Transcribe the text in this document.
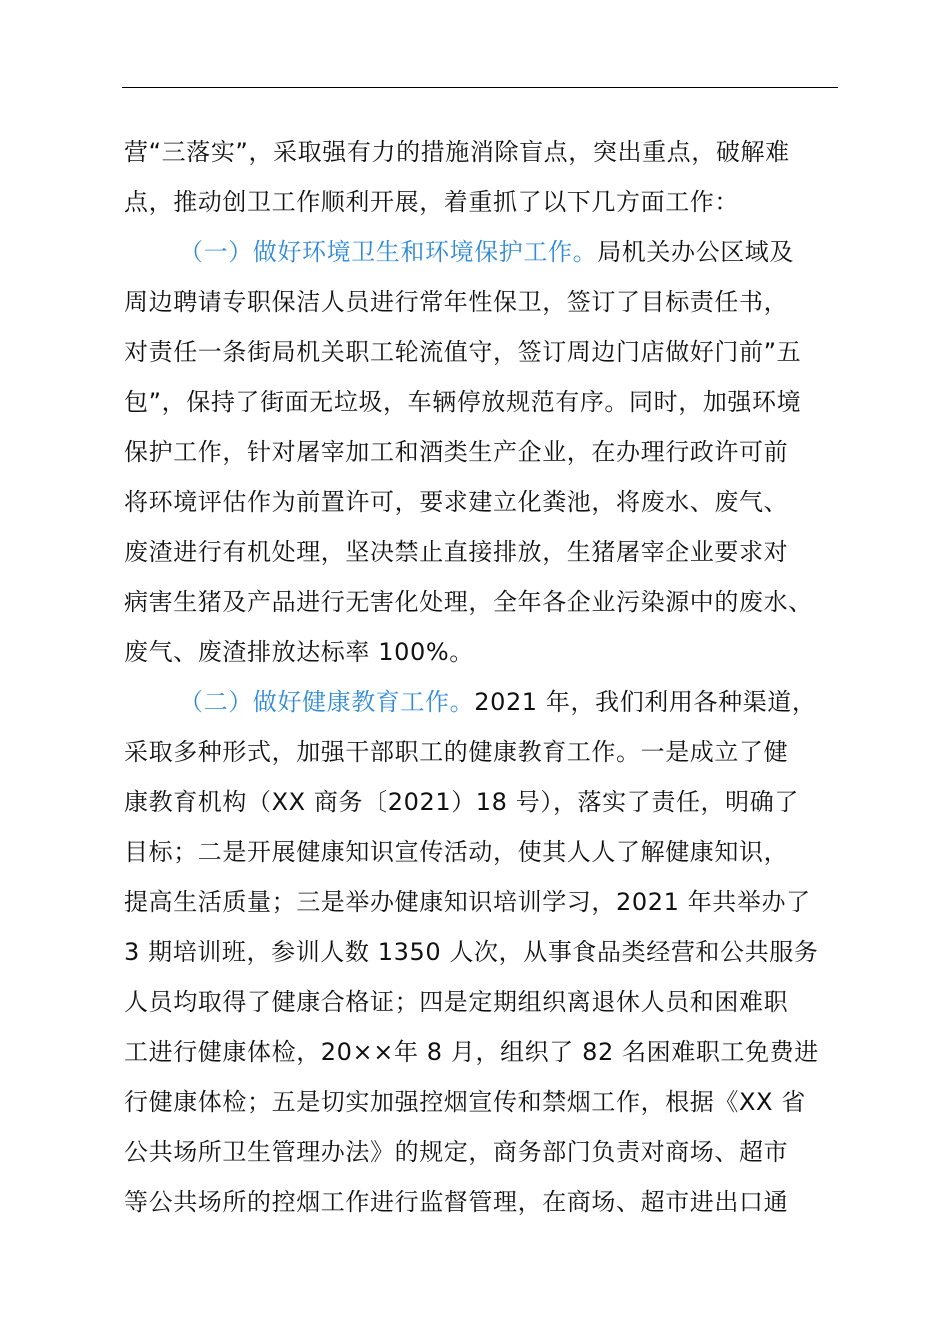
营“三落实”，采取强有力的措施消除盲点，突出重点，破解难
点，推动创卫工作顺利开展，着重抓了以下几方面工作：
（一）做好环境卫生和环境保护工作。局机关办公区域及
周边聘请专职保洁人员进行常年性保卫，签订了目标责任书，
对责任一条街局机关职工轮流值守，签订周边门店做好门前”五
包”，保持了街面无垃圾，车辆停放规范有序。同时，加强环境
保护工作，针对屠宰加工和酒类生产企业，在办理行政许可前
将环境评估作为前置许可，要求建立化粪池，将废水、废气、
废渣进行有机处理，坚决禁止直接排放，生猪屠宰企业要求对
病害生猪及产品进行无害化处理，全年各企业污染源中的废水、
废气、废渣排放达标率 100%。
（二）做好健康教育工作。2021 年，我们利用各种渠道，
采取多种形式，加强干部职工的健康教育工作。一是成立了健
康教育机构（XX 商务〔2021）18 号），落实了责任，明确了
目标；二是开展健康知识宣传活动，使其人人了解健康知识，
提高生活质量；三是举办健康知识培训学习，2021 年共举办了
3 期培训班，参训人数 1350 人次，从事食品类经营和公共服务
人员均取得了健康合格证；四是定期组织离退休人员和困难职
工进行健康体检，20××年 8 月，组织了 82 名困难职工免费进
行健康体检；五是切实加强控烟宣传和禁烟工作，根据《XX 省
公共场所卫生管理办法》的规定，商务部门负责对商场、超市
等公共场所的控烟工作进行监督管理，在商场、超市进出口通
